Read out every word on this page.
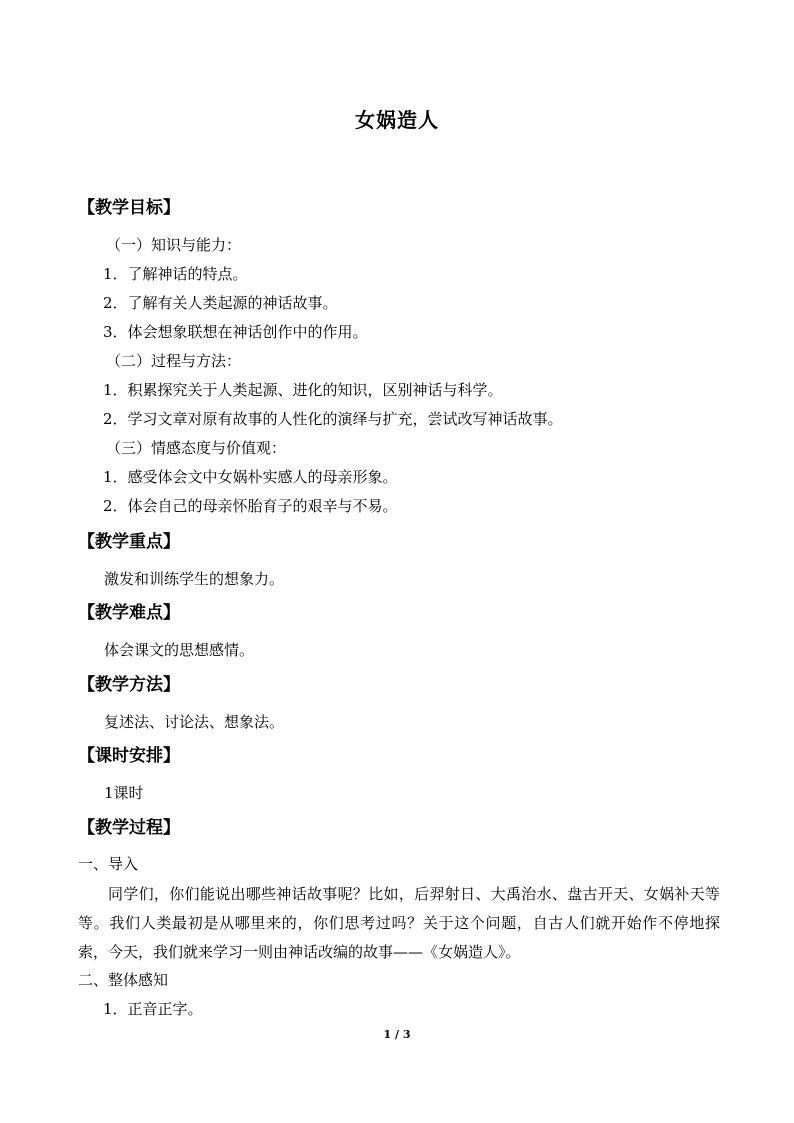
女娲造人
【教学目标】
（一）知识与能力：
1．了解神话的特点。
2．了解有关人类起源的神话故事。
3．体会想象联想在神话创作中的作用。
（二）过程与方法：
1．积累探究关于人类起源、进化的知识，区别神话与科学。
2．学习文章对原有故事的人性化的演绎与扩充，尝试改写神话故事。
（三）情感态度与价值观：
1．感受体会文中女娲朴实感人的母亲形象。
2．体会自己的母亲怀胎育子的艰辛与不易。
【教学重点】
激发和训练学生的想象力。
【教学难点】
体会课文的思想感情。
【教学方法】
复述法、讨论法、想象法。
【课时安排】
1课时
【教学过程】
一、导入
同学们，你们能说出哪些神话故事呢？比如，后羿射日、大禹治水、盘古开天、女娲补天等等。我们人类最初是从哪里来的，你们思考过吗？关于这个问题，自古人们就开始作不停地探索，今天，我们就来学习一则由神话改编的故事——《女娲造人》。
二、整体感知
1．正音正字。
1 / 3
